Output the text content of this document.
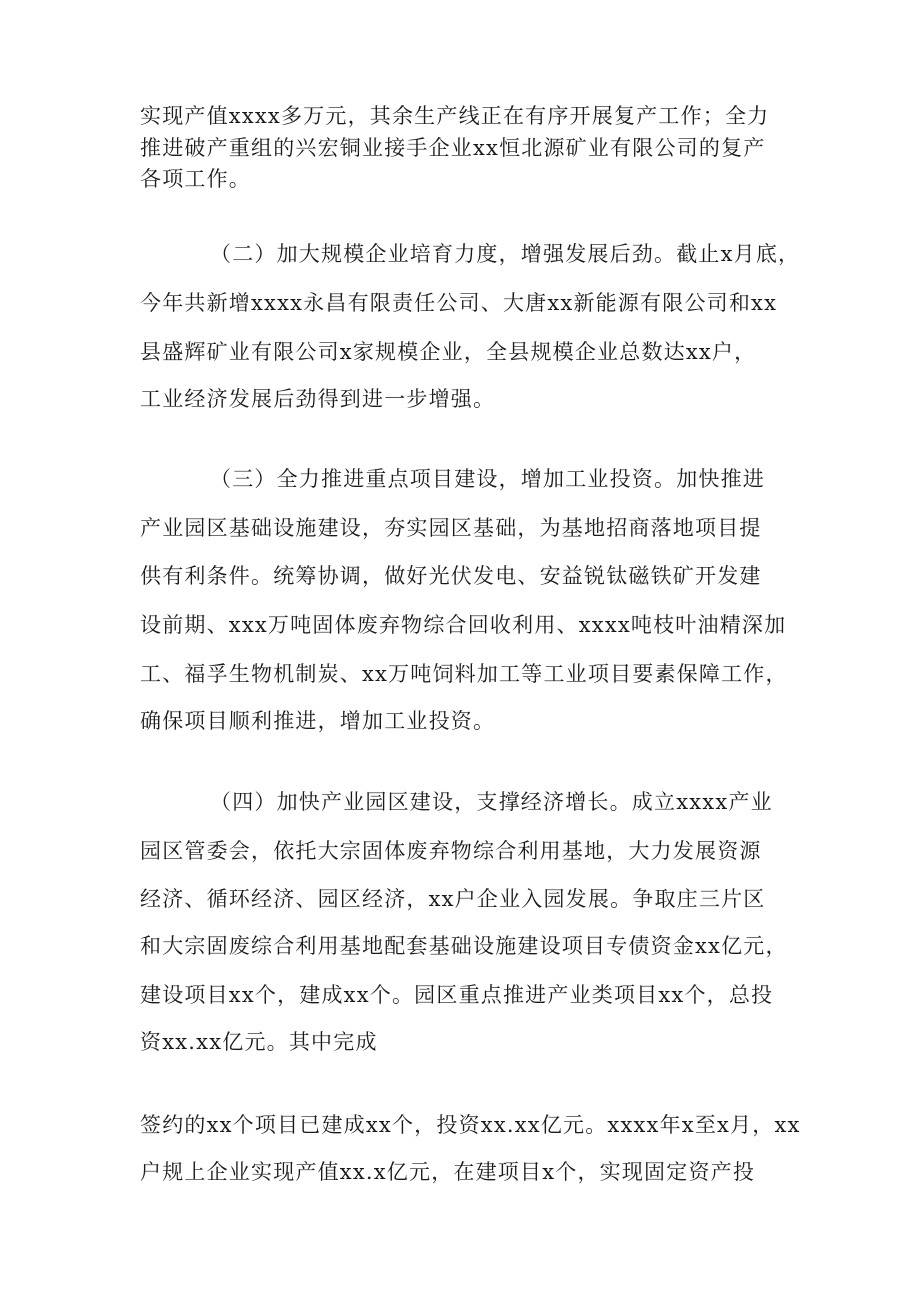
实现产值xxxx多万元，其余生产线正在有序开展复产工作；全力
推进破产重组的兴宏铜业接手企业xx恒北源矿业有限公司的复产
各项工作。
（二）加大规模企业培育力度，增强发展后劲。截止x月底，
今年共新增xxxx永昌有限责任公司、大唐xx新能源有限公司和xx
县盛辉矿业有限公司x家规模企业，全县规模企业总数达xx户，
工业经济发展后劲得到进一步增强。
（三）全力推进重点项目建设，增加工业投资。加快推进
产业园区基础设施建设，夯实园区基础，为基地招商落地项目提
供有利条件。统筹协调，做好光伏发电、安益锐钛磁铁矿开发建
设前期、xxx万吨固体废弃物综合回收利用、xxxx吨枝叶油精深加
工、福孚生物机制炭、xx万吨饲料加工等工业项目要素保障工作，
确保项目顺利推进，增加工业投资。
（四）加快产业园区建设，支撑经济增长。成立xxxx产业
园区管委会，依托大宗固体废弃物综合利用基地，大力发展资源
经济、循环经济、园区经济，xx户企业入园发展。争取庄三片区
和大宗固废综合利用基地配套基础设施建设项目专债资金xx亿元，
建设项目xx个，建成xx个。园区重点推进产业类项目xx个，总投
资xx.xx亿元。其中完成
签约的xx个项目已建成xx个，投资xx.xx亿元。xxxx年x至x月，xx
户规上企业实现产值xx.x亿元，在建项目x个，实现固定资产投
